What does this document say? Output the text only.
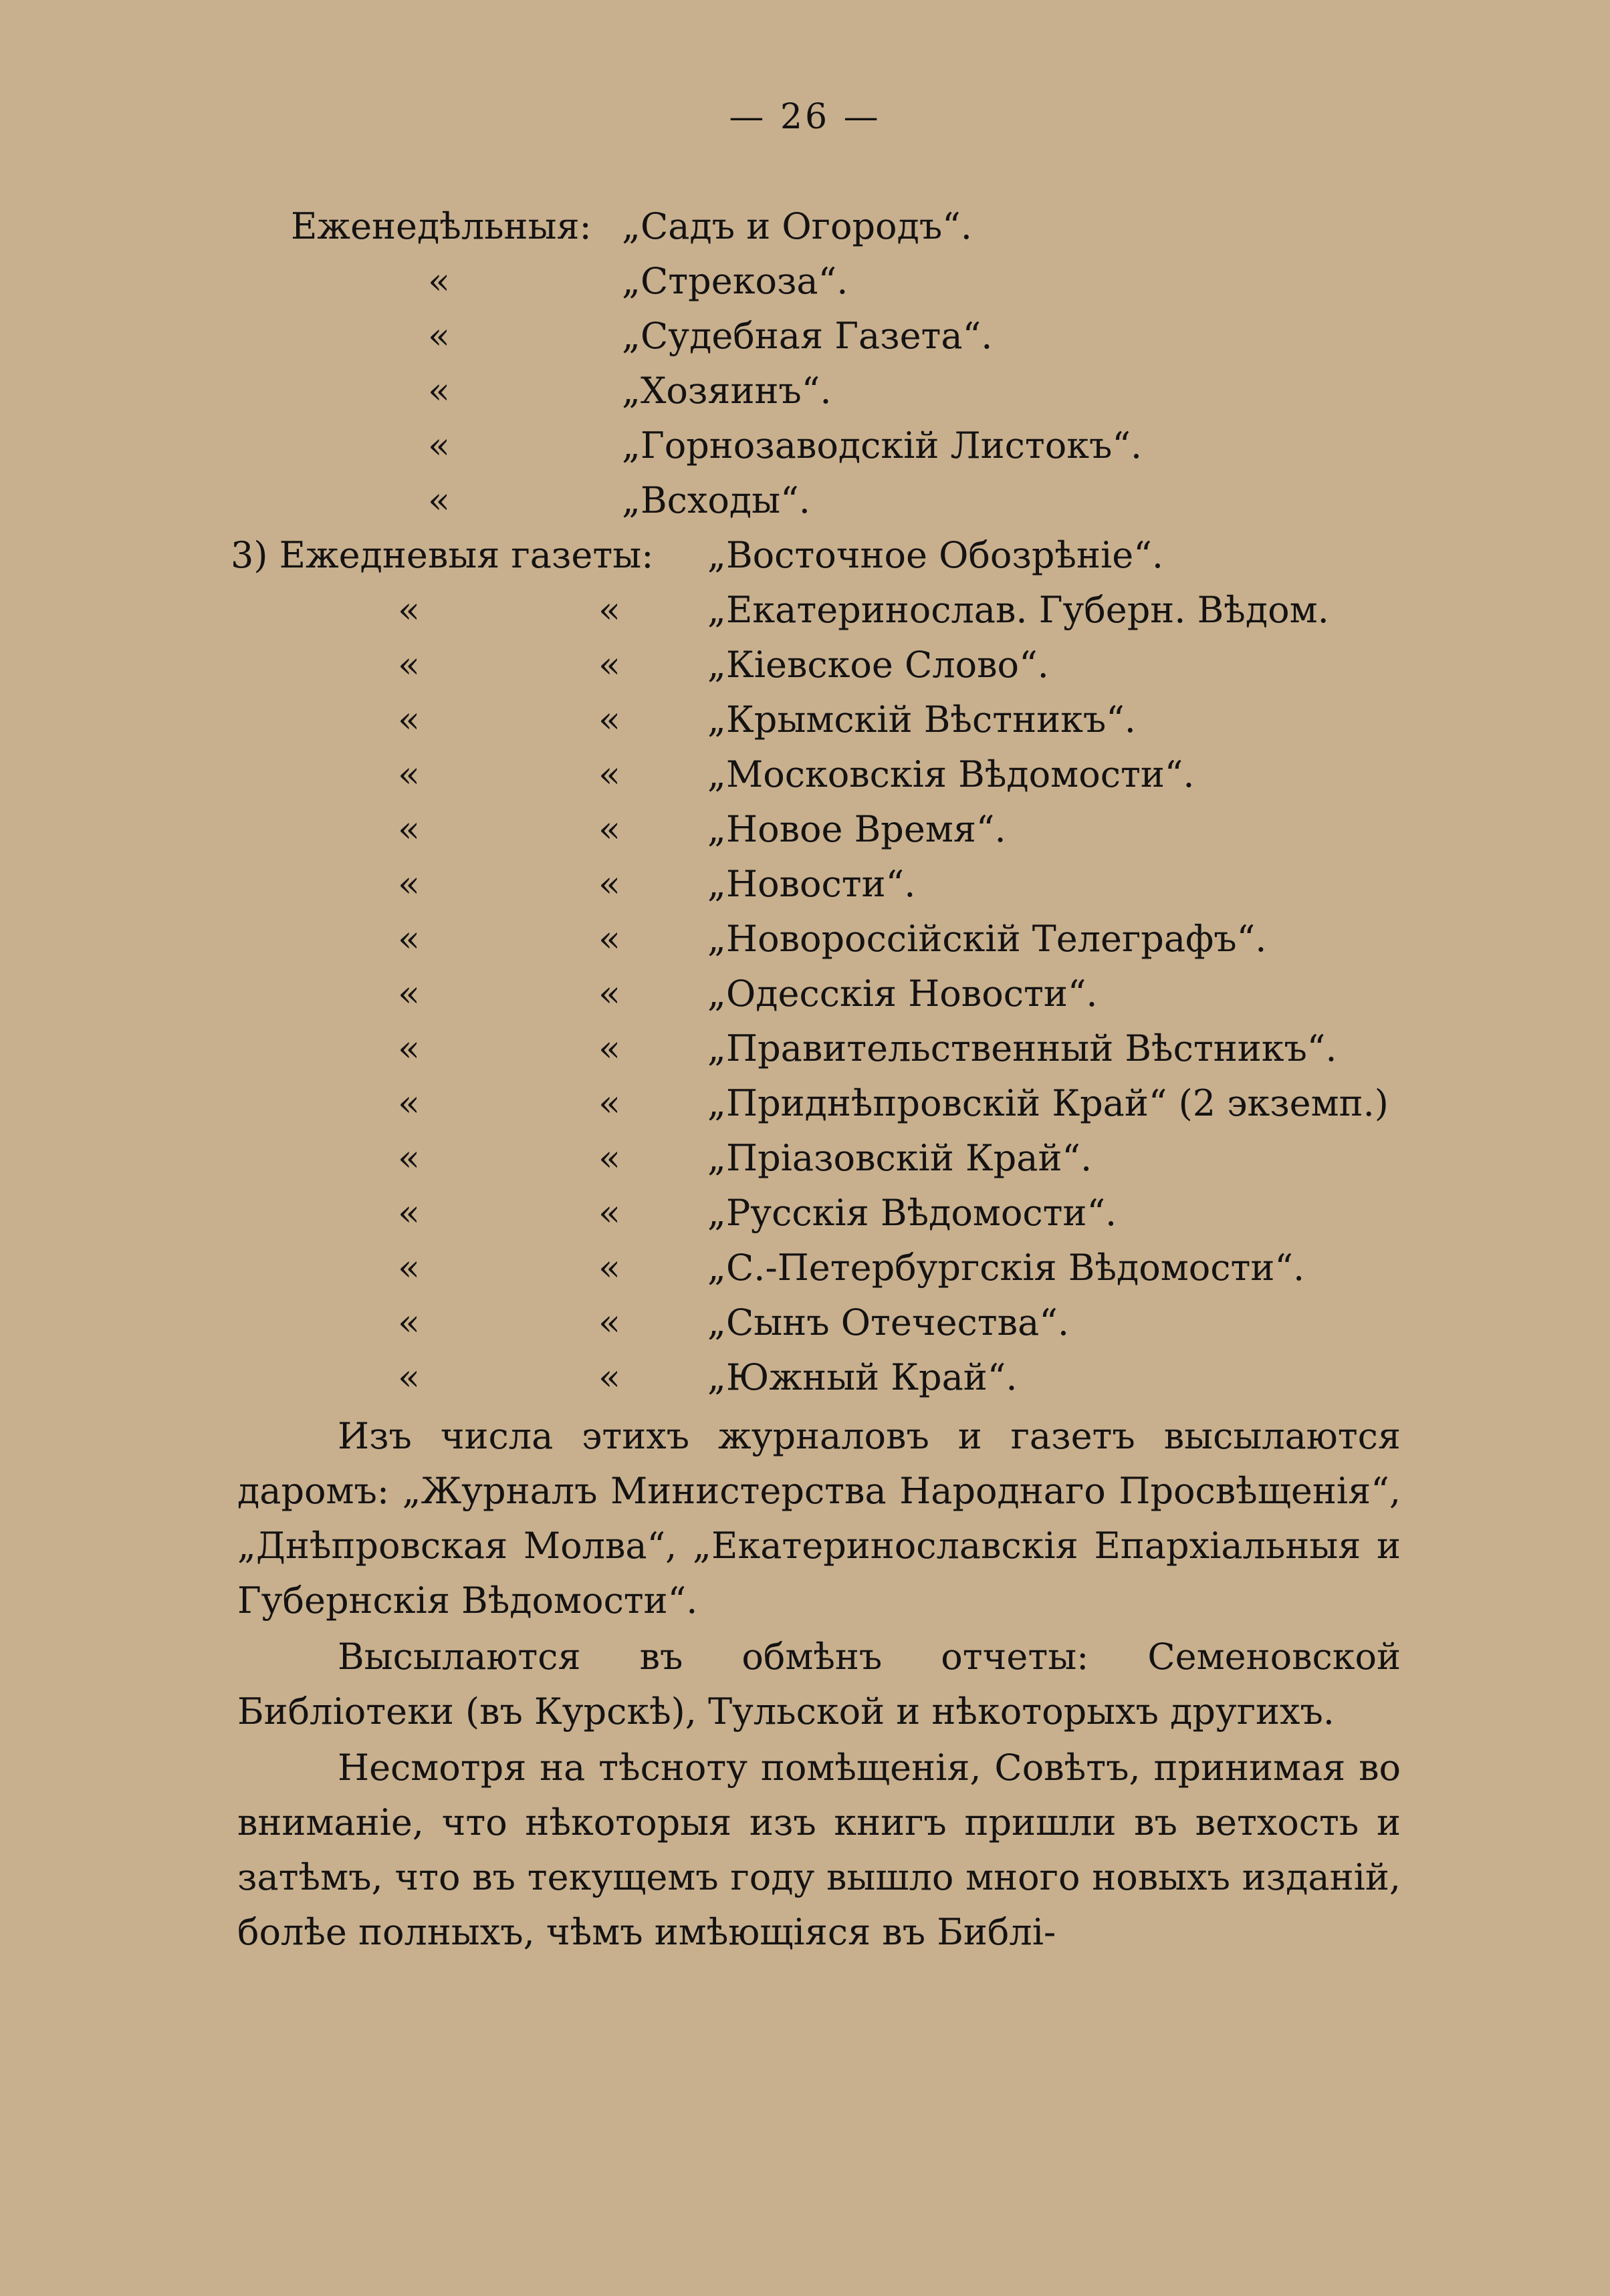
— 26 —
Еженедѣльныя: „Садъ и Огородъ“.
«	„Стрекоза“.
«	„Судебная Газета“.
«	„Хозяинъ“.
«	„Горнозаводскій Листокъ“.
«	„Всходы“.
3) Ежедневыя газеты: „Восточное Обозрѣніе“.
«	« „Екатеринослав. Губерн. Вѣдом.
«	« „Кіевское Слово“.
«	« „Крымскій Вѣстникъ“.
«	« „Московскія Вѣдомости“.
«	« „Новое Время“.
«	« „Новости“.
«	« „Новороссійскій Телеграфъ“.
«	« „Одесскія Новости“.
«	« „Правительственный Вѣстникъ“.
«	« „Приднѣпровскій Край“ (2 экземп.)
«	« „Пріазовскій Край“.
«	« „Русскія Вѣдомости“.
«	« „С.-Петербургскія Вѣдомости“.
«	« „Сынъ Отечества“.
«	« „Южный Край“.

Изъ числа этихъ журналовъ и газетъ высылаются даромъ: „Журналъ Министерства Народнаго Просвѣщенія“, „Днѣпровская Молва“, „Екатеринославскія Епархіальныя и Губернскія Вѣдомости“.

Высылаются въ обмѣнъ отчеты: Семеновской Библіотеки (въ Курскѣ), Тульской и нѣкоторыхъ другихъ.

Несмотря на тѣсноту помѣщенія, Совѣтъ, принимая во вниманіе, что нѣкоторыя изъ книгъ пришли въ ветхость и затѣмъ, что въ текущемъ году вышло много новыхъ изданій, болѣе полныхъ, чѣмъ имѣющіяся въ Библі-
